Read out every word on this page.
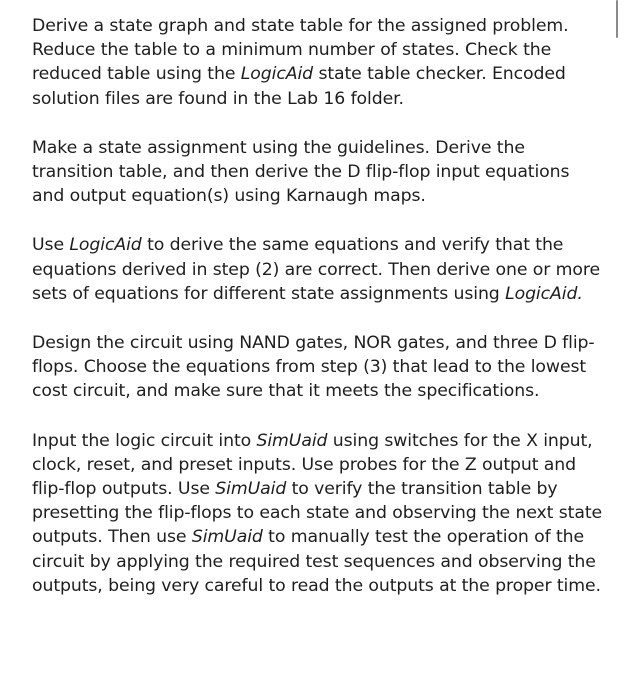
Derive a state graph and state table for the assigned problem. Reduce the table to a minimum number of states. Check the reduced table using the LogicAid state table checker. Encoded solution files are found in the Lab 16 folder.

Make a state assignment using the guidelines. Derive the transition table, and then derive the D flip-flop input equations and output equation(s) using Karnaugh maps.

Use LogicAid to derive the same equations and verify that the equations derived in step (2) are correct. Then derive one or more sets of equations for different state assignments using LogicAid.

Design the circuit using NAND gates, NOR gates, and three D flip-flops. Choose the equations from step (3) that lead to the lowest cost circuit, and make sure that it meets the specifications.

Input the logic circuit into SimUaid using switches for the X input, clock, reset, and preset inputs. Use probes for the Z output and flip-flop outputs. Use SimUaid to verify the transition table by presetting the flip-flops to each state and observing the next state outputs. Then use SimUaid to manually test the operation of the circuit by applying the required test sequences and observing the outputs, being very careful to read the outputs at the proper time.
